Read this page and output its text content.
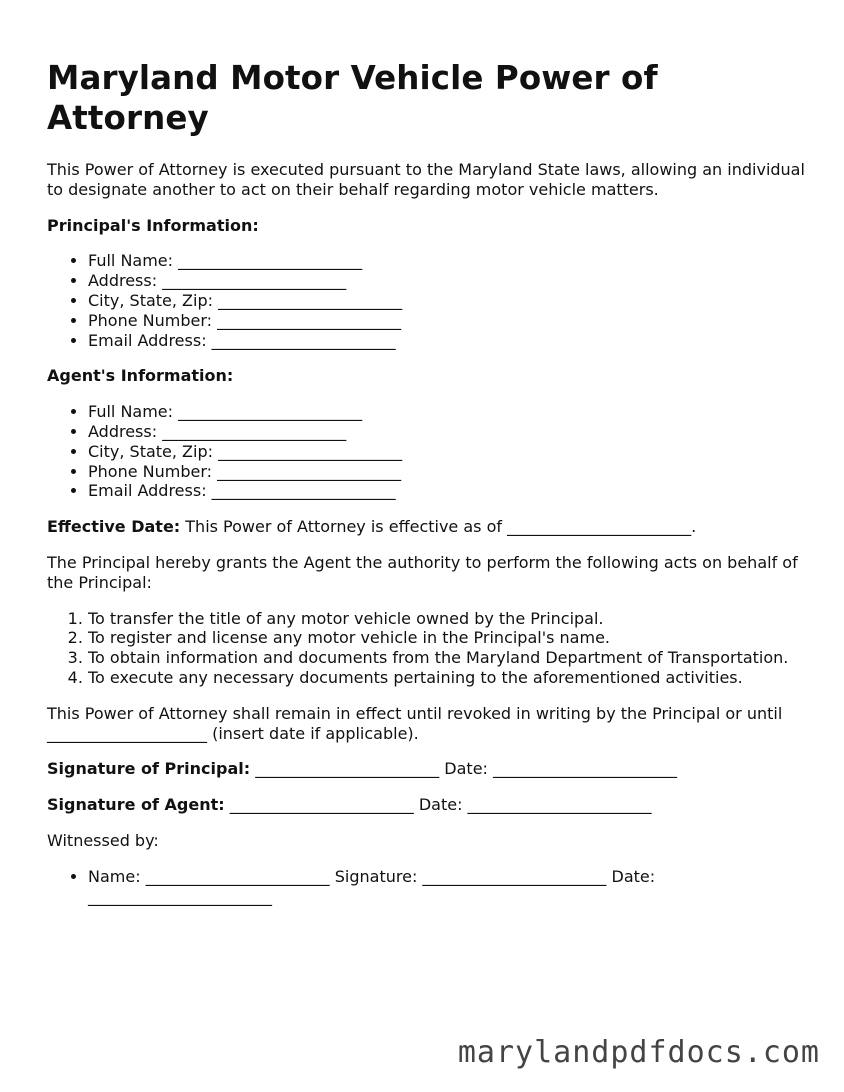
Maryland Motor Vehicle Power of Attorney

This Power of Attorney is executed pursuant to the Maryland State laws, allowing an individual to designate another to act on their behalf regarding motor vehicle matters.

Principal's Information:

• Full Name: _______________________
• Address: _______________________
• City, State, Zip: _______________________
• Phone Number: _______________________
• Email Address: _______________________

Agent's Information:

• Full Name: _______________________
• Address: _______________________
• City, State, Zip: _______________________
• Phone Number: _______________________
• Email Address: _______________________

Effective Date: This Power of Attorney is effective as of _______________________.

The Principal hereby grants the Agent the authority to perform the following acts on behalf of the Principal:

1. To transfer the title of any motor vehicle owned by the Principal.
2. To register and license any motor vehicle in the Principal's name.
3. To obtain information and documents from the Maryland Department of Transportation.
4. To execute any necessary documents pertaining to the aforementioned activities.

This Power of Attorney shall remain in effect until revoked in writing by the Principal or until ____________________ (insert date if applicable).

Signature of Principal: _______________________ Date: _______________________

Signature of Agent: _______________________ Date: _______________________

Witnessed by:

• Name: _______________________ Signature: _______________________ Date: _______________________
marylandpdfdocs.com
